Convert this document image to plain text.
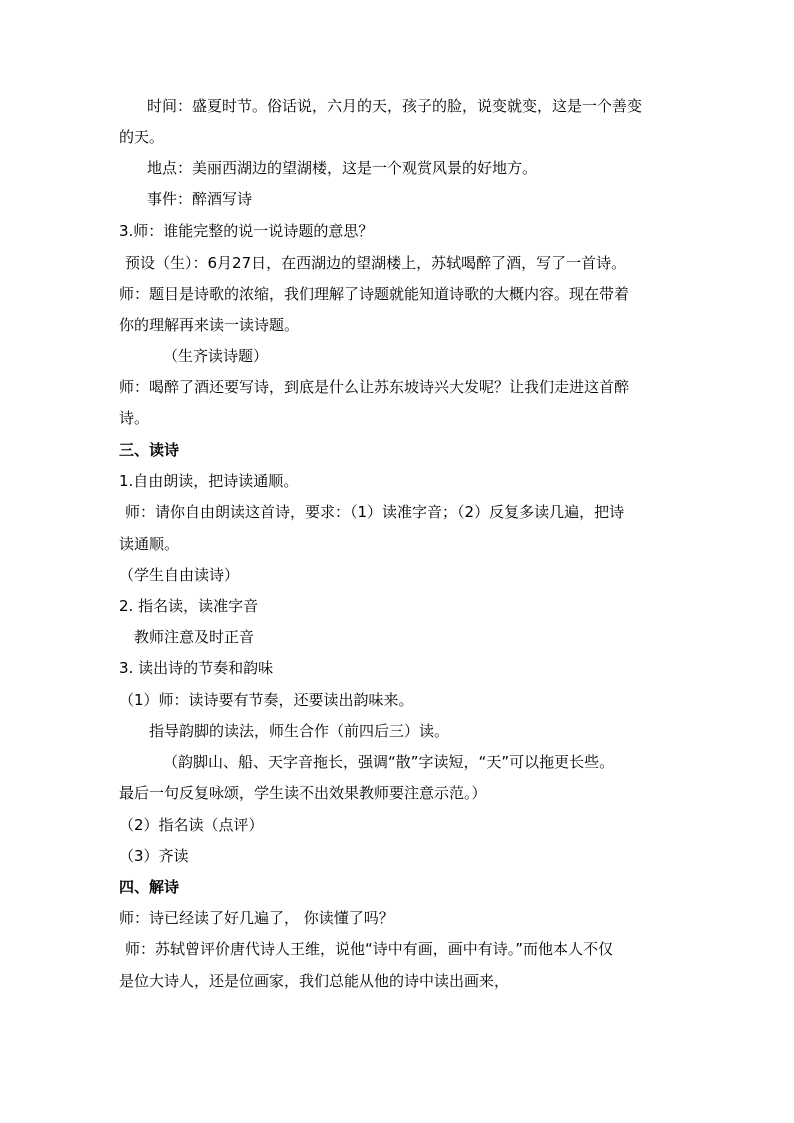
时间：盛夏时节。俗话说，六月的天，孩子的脸，说变就变，这是一个善变
的天。
地点：美丽西湖边的望湖楼，这是一个观赏风景的好地方。
事件：醉酒写诗
3.师：谁能完整的说一说诗题的意思？
预设（生）：6月27日，在西湖边的望湖楼上，苏轼喝醉了酒，写了一首诗。
师：题目是诗歌的浓缩，我们理解了诗题就能知道诗歌的大概内容。现在带着
你的理解再来读一读诗题。
（生齐读诗题）
师：喝醉了酒还要写诗，到底是什么让苏东坡诗兴大发呢？让我们走进这首醉
诗。
三、读诗
1.自由朗读，把诗读通顺。
师：请你自由朗读这首诗，要求：（1）读准字音；（2）反复多读几遍，把诗
读通顺。
（学生自由读诗）
2. 指名读，读准字音
教师注意及时正音
3. 读出诗的节奏和韵味
（1）师：读诗要有节奏，还要读出韵味来。
指导韵脚的读法，师生合作（前四后三）读。
（韵脚山、船、天字音拖长，强调“散”字读短，“天”可以拖更长些。
最后一句反复咏颂，学生读不出效果教师要注意示范。）
（2）指名读（点评）
（3）齐读
四、解诗
师：诗已经读了好几遍了， 你读懂了吗？
师：苏轼曾评价唐代诗人王维，说他“诗中有画，画中有诗。”而他本人不仅
是位大诗人，还是位画家，我们总能从他的诗中读出画来，
